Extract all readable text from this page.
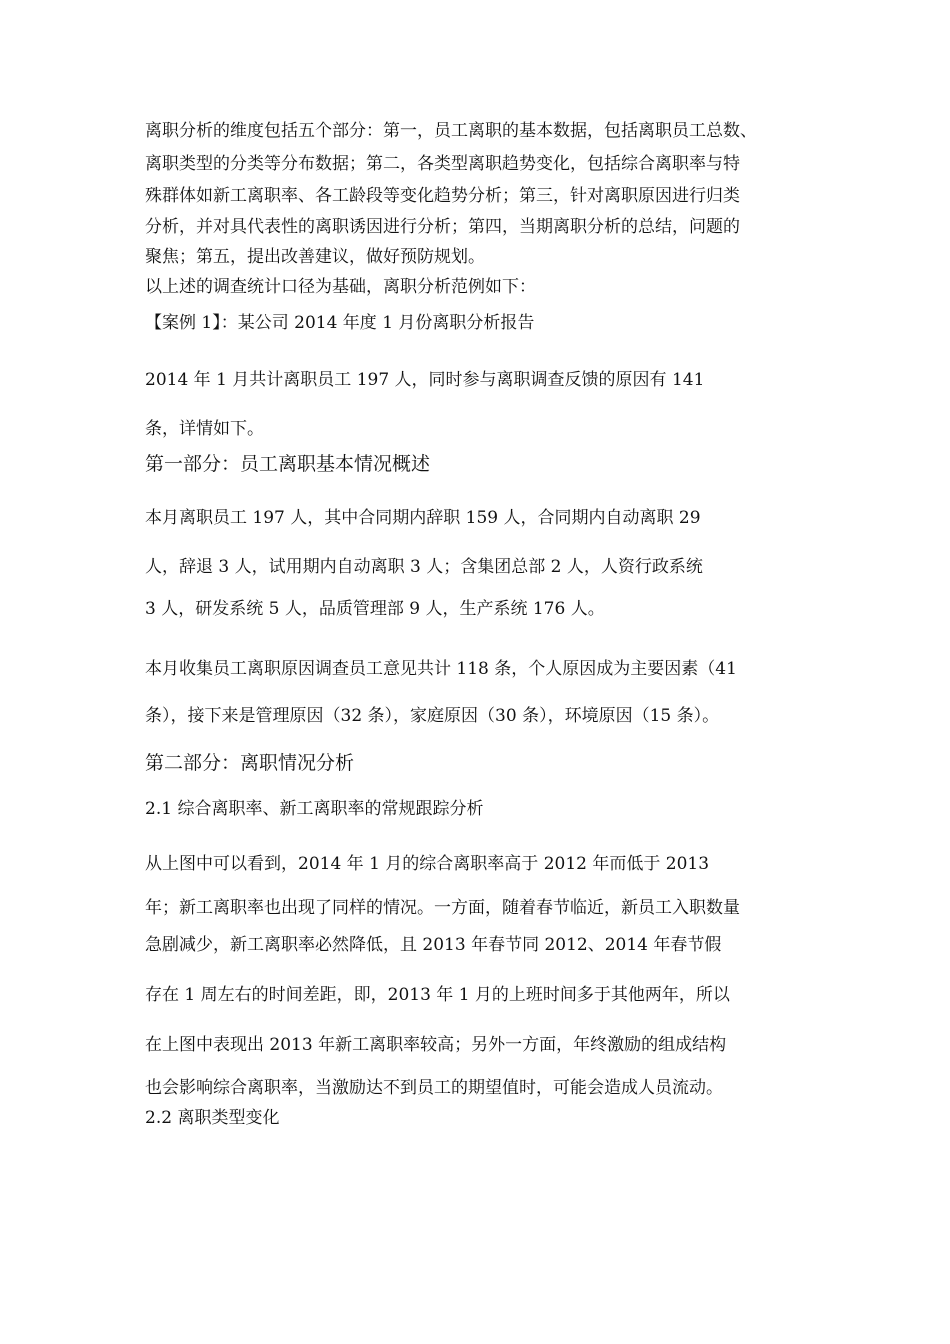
离职分析的维度包括五个部分：第一，员工离职的基本数据，包括离职员工总数、

离职类型的分类等分布数据；第二，各类型离职趋势变化，包括综合离职率与特

殊群体如新工离职率、各工龄段等变化趋势分析；第三，针对离职原因进行归类

分析，并对具代表性的离职诱因进行分析；第四，当期离职分析的总结，问题的

聚焦；第五，提出改善建议，做好预防规划。

以上述的调查统计口径为基础，离职分析范例如下：

【案例 1】：某公司 2014 年度 1 月份离职分析报告

2014 年 1 月共计离职员工 197 人，同时参与离职调查反馈的原因有 141

条，详情如下。

第一部分：员工离职基本情况概述

本月离职员工 197 人，其中合同期内辞职 159 人，合同期内自动离职 29

人，辞退 3 人，试用期内自动离职 3 人；含集团总部 2 人，人资行政系统

3 人，研发系统 5 人，品质管理部 9 人，生产系统 176 人。

本月收集员工离职原因调查员工意见共计 118 条，个人原因成为主要因素（41

条），接下来是管理原因（32 条），家庭原因（30 条），环境原因（15 条）。

第二部分：离职情况分析

2.1 综合离职率、新工离职率的常规跟踪分析

从上图中可以看到，2014 年 1 月的综合离职率高于 2012 年而低于 2013

年；新工离职率也出现了同样的情况。一方面，随着春节临近，新员工入职数量

急剧减少，新工离职率必然降低，且 2013 年春节同 2012、2014 年春节假

存在 1 周左右的时间差距，即，2013 年 1 月的上班时间多于其他两年，所以

在上图中表现出 2013 年新工离职率较高；另外一方面，年终激励的组成结构

也会影响综合离职率，当激励达不到员工的期望值时，可能会造成人员流动。

2.2 离职类型变化
